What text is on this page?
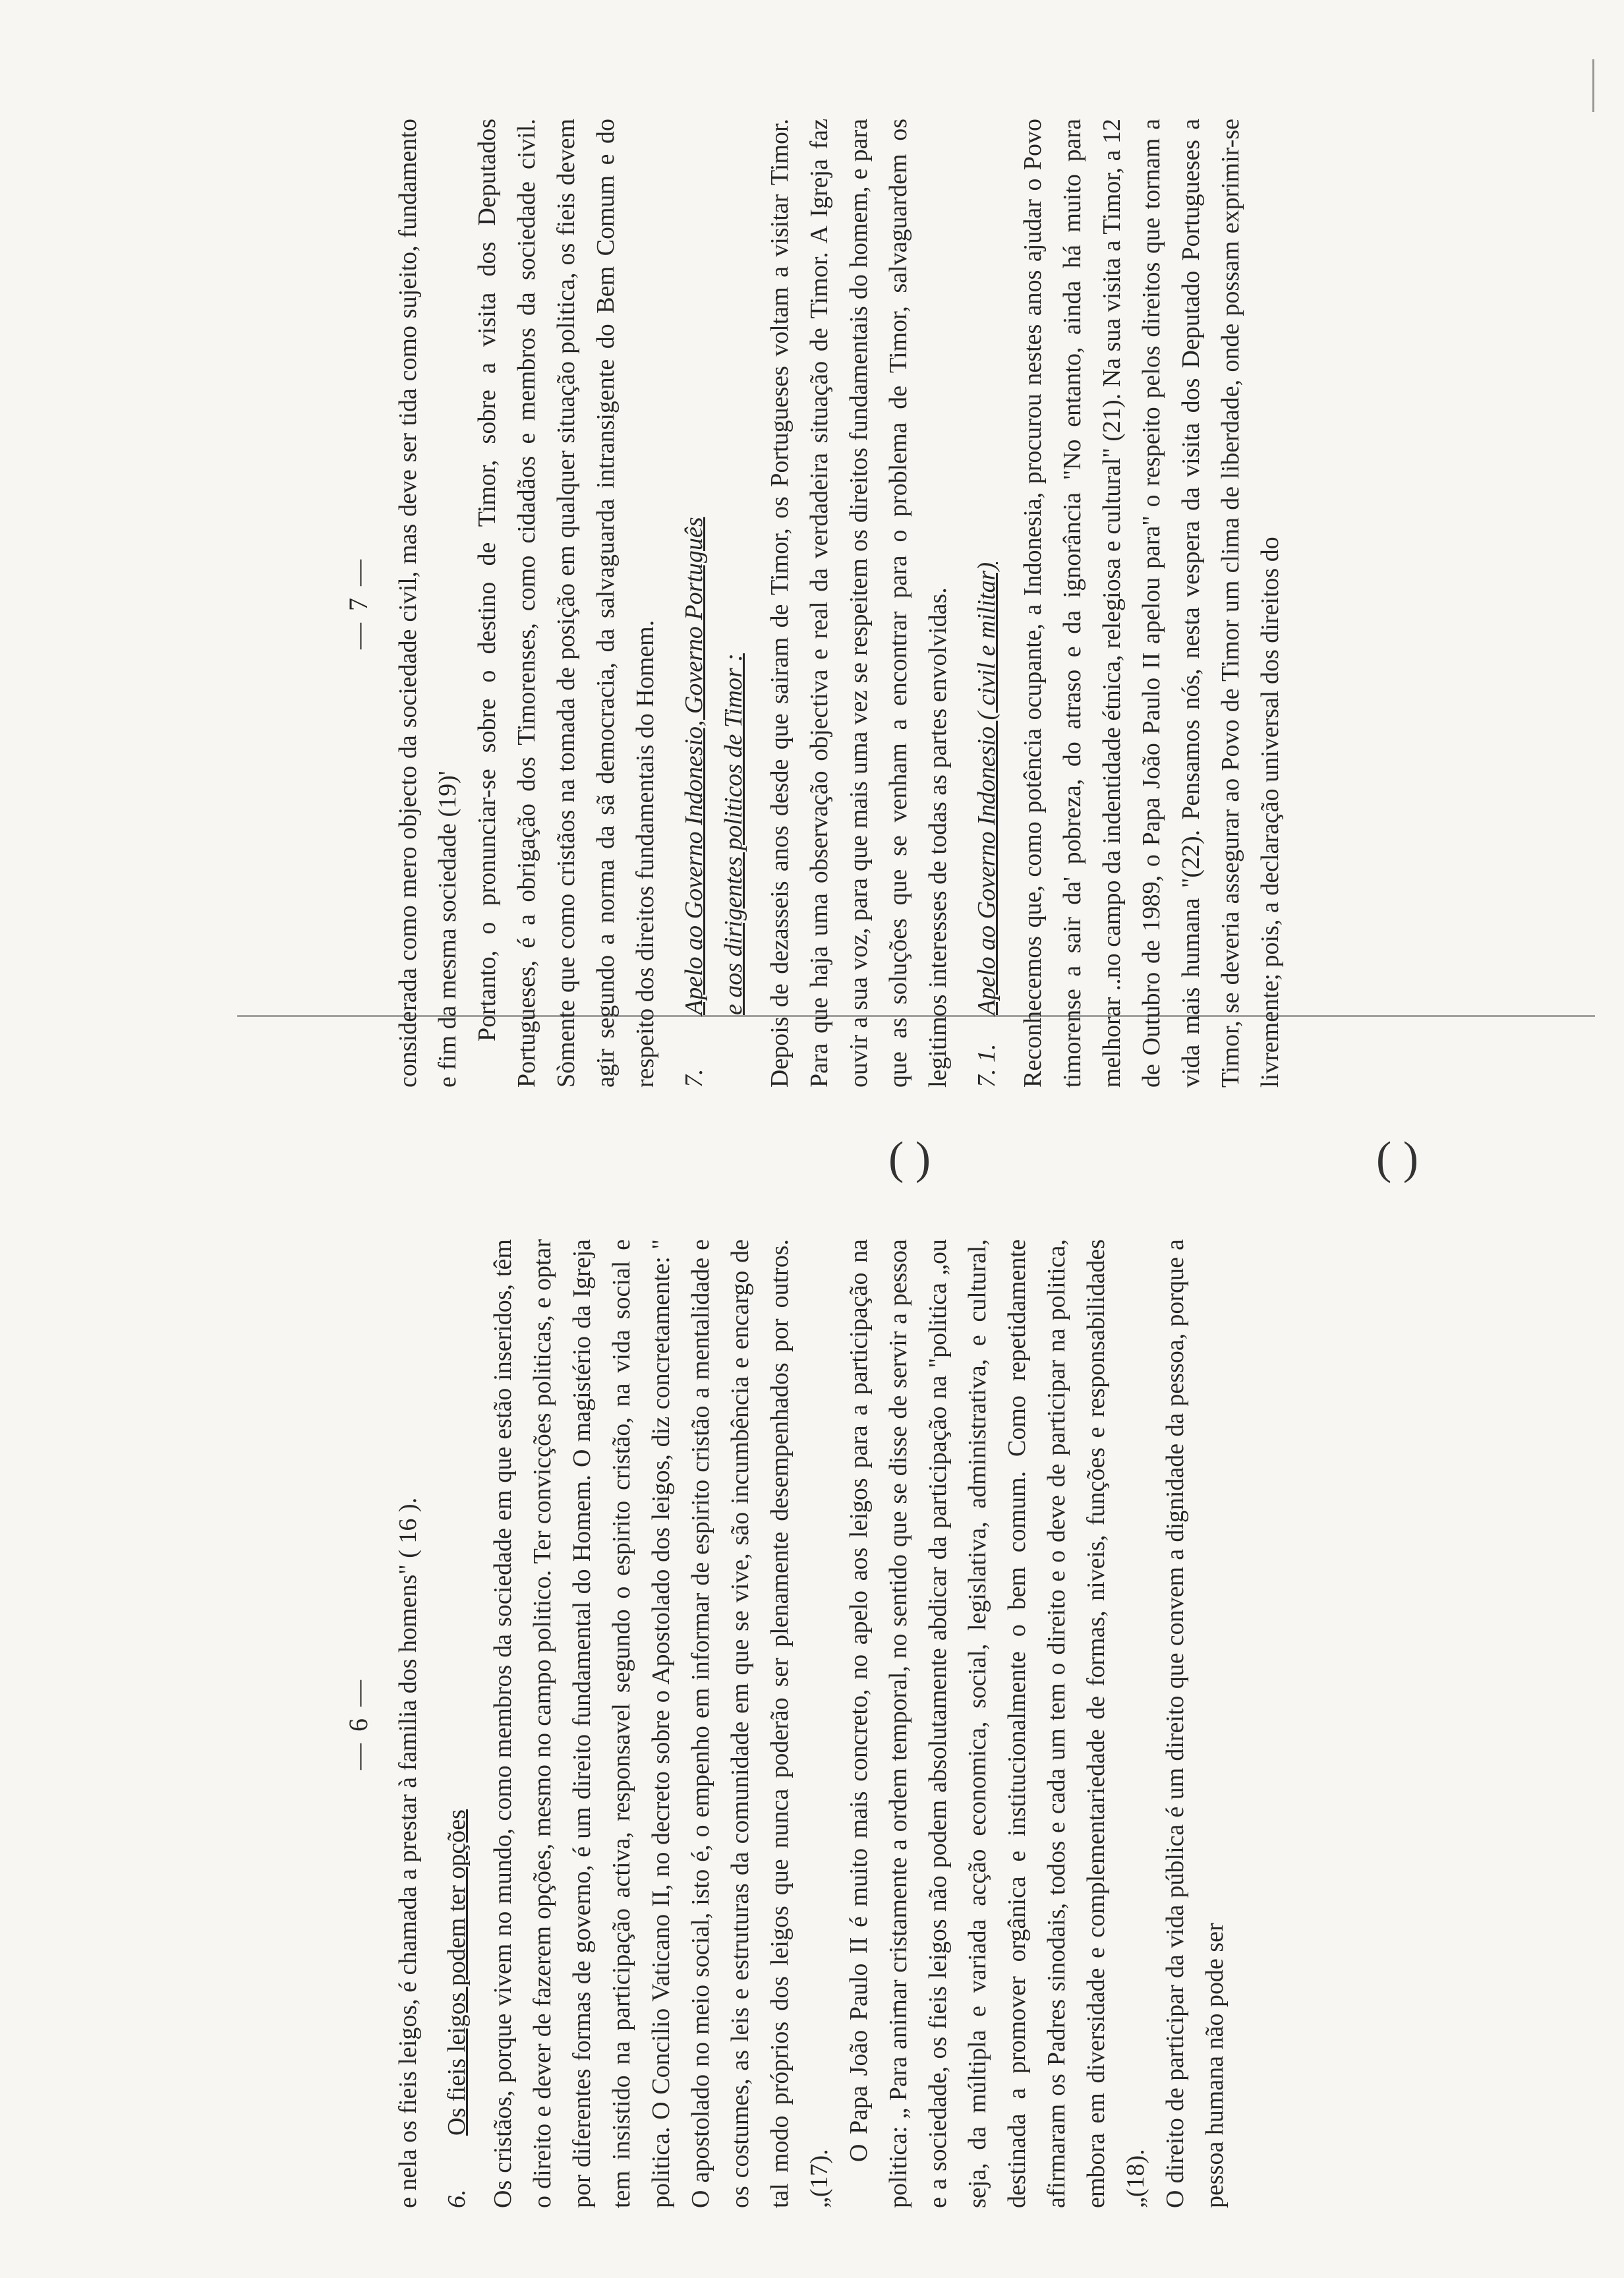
— 6 — e nela os fieis leigos, é chamada a prestar à familia dos homens" ( 16 ). 6.
Os fieis leigos podem ter opções Os cristãos, porque vivem no mundo, como membros da sociedade em que estão inseridos, têm o direito e dever de fazerem opções, mesmo no campo politico. Ter convicções politicas, e optar por diferentes formas de governo, é um direito fundamental do Homem. O magistério da Igreja tem insistido na participação activa, responsavel segundo o espirito cristão, na vida social e politica. O Concilio Vaticano II, no decreto sobre o Apostolado dos leigos, diz concretamente: " O apostolado no meio social, isto é, o empenho em informar de espirito cristão a mentalidade e os costumes, as leis e estruturas da comunidade em que se vive, são incumbência e encargo de tal modo próprios dos leigos que nunca poderão ser plenamente desempenhados por outros. „(17).

O Papa João Paulo II é muito mais concreto, no apelo aos leigos para a participação na politica: „ Para animar cristamente a ordem temporal, no sentido que se disse de servir a pessoa e a sociedade, os fieis leigos não podem absolutamente abdicar da participação na "politica „ou seja, da múltipla e variada acção economica, social, legislativa, administrativa, e cultural, destinada a promover orgânica e institucionalmente o bem comum. Como repetidamente afirmaram os Padres sinodais, todos e cada um tem o direito e o deve de participar na politica, embora em diversidade e complementariedade de formas, niveis, funções e responsabilidades „(18). O direito de participar da vida pública é um direito que convem a dignidade da pessoa, porque a pessoa humana não pode ser

( )	( )
— 7 — considerada como mero objecto da sociedade civil, mas deve ser tida como sujeito, fundamento e fim da mesma sociedade (19)' Portanto, o pronunciar-se sobre o destino de Timor, sobre a visita dos Deputados Portugueses, é a obrigação dos Timorenses, como cidadãos e membros da sociedade civil. Sòmente que como cristãos na tomada de posição em qualquer situação politica, os fieis devem agir segundo a norma da sã democracia, da salvaguarda intransigente do Bem Comum e do respeito dos direitos fundamentais do Homem. 7.
Apelo ao Governo Indonesio, Governo Português e aos dirigentes politicos de Timor : Depois de dezasseis anos desde que sairam de Timor, os Portugueses voltam a visitar Timor. Para que haja uma observação objectiva e real da verdadeira situação de Timor. A Igreja faz ouvir a sua voz, para que mais uma vez se respeitem os direitos fundamentais do homem, e para que as soluções que se venham a encontrar para o problema de Timor, salvaguardem os legitimos interesses de todas as partes envolvidas. 7. 1.
Apelo ao Governo Indonesio ( civil e militar) Reconhecemos que, como potência ocupante, a Indonesia, procurou nestes anos ajudar o Povo timorense a sair da' pobreza, do atraso e da ignorância "No entanto, ainda há muito para melhorar ..no campo da indentidade étnica, relegiosa e cultural" (21). Na sua visita a Timor, a 12 de Outubro de 1989, o Papa João Paulo II apelou para" o respeito pelos direitos que tornam a vida mais humana "(22). Pensamos nós, nesta vespera da visita dos Deputado Portugueses a Timor, se deveria assegurar ao Povo de Timor um clima de liberdade, onde possam exprimir-se livremente; pois, a declaração universal dos direitos do
